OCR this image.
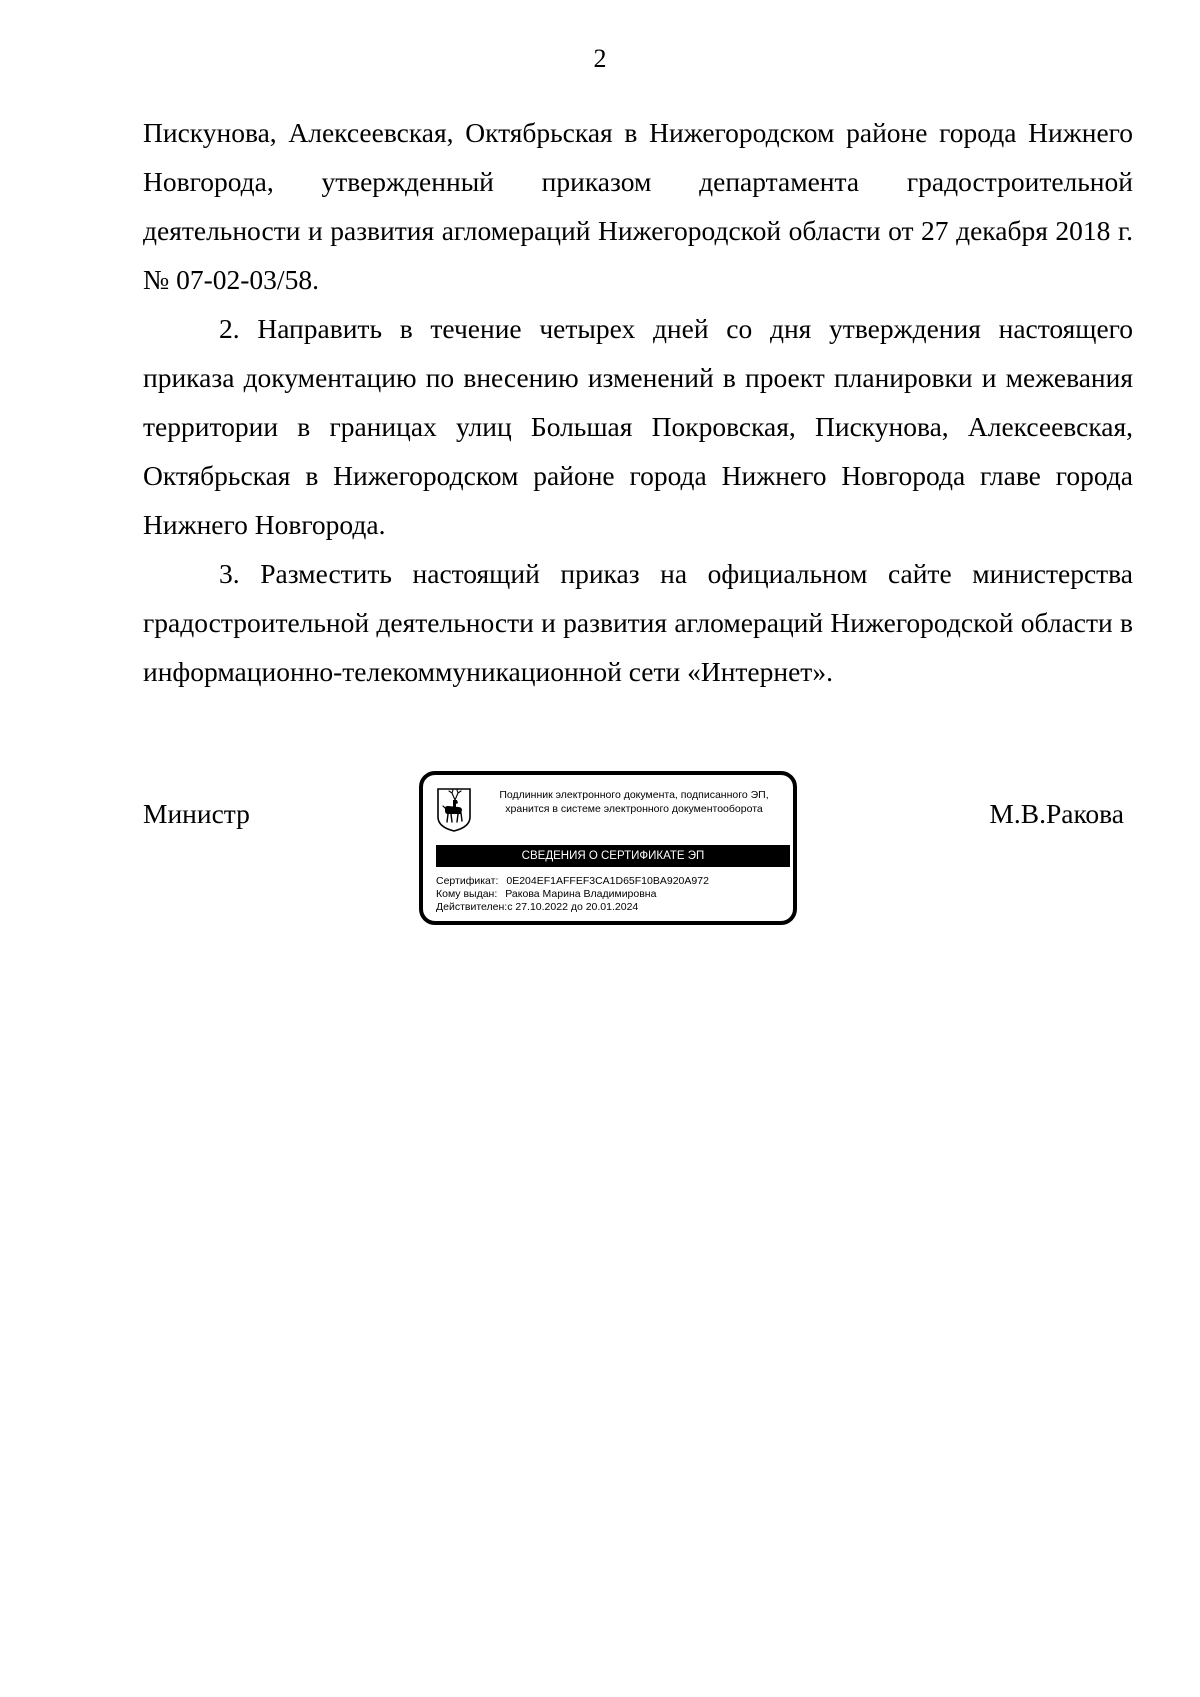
2

Пискунова, Алексеевская, Октябрьская в Нижегородском районе города Нижнего Новгорода, утвержденный приказом департамента градостроительной деятельности и развития агломераций Нижегородской области от 27 декабря 2018 г. № 07-02-03/58.

2. Направить в течение четырех дней со дня утверждения настоящего приказа документацию по внесению изменений в проект планировки и межевания территории в границах улиц Большая Покровская, Пискунова, Алексеевская, Октябрьская в Нижегородском районе города Нижнего Новгорода главе города Нижнего Новгорода.

3. Разместить настоящий приказ на официальном сайте министерства градостроительной деятельности и развития агломераций Нижегородской области в информационно-телекоммуникационной сети «Интернет».

Министр
Подлинник электронного документа, подписанного ЭП,
хранится в системе электронного документооборота
СВЕДЕНИЯ О СЕРТИФИКАТЕ ЭП
Сертификат: 0E204EF1AFFEF3CA1D65F10BA920A972
Кому выдан: Ракова Марина Владимировна
Действителен:с 27.10.2022 до 20.01.2024
М.В.Ракова
